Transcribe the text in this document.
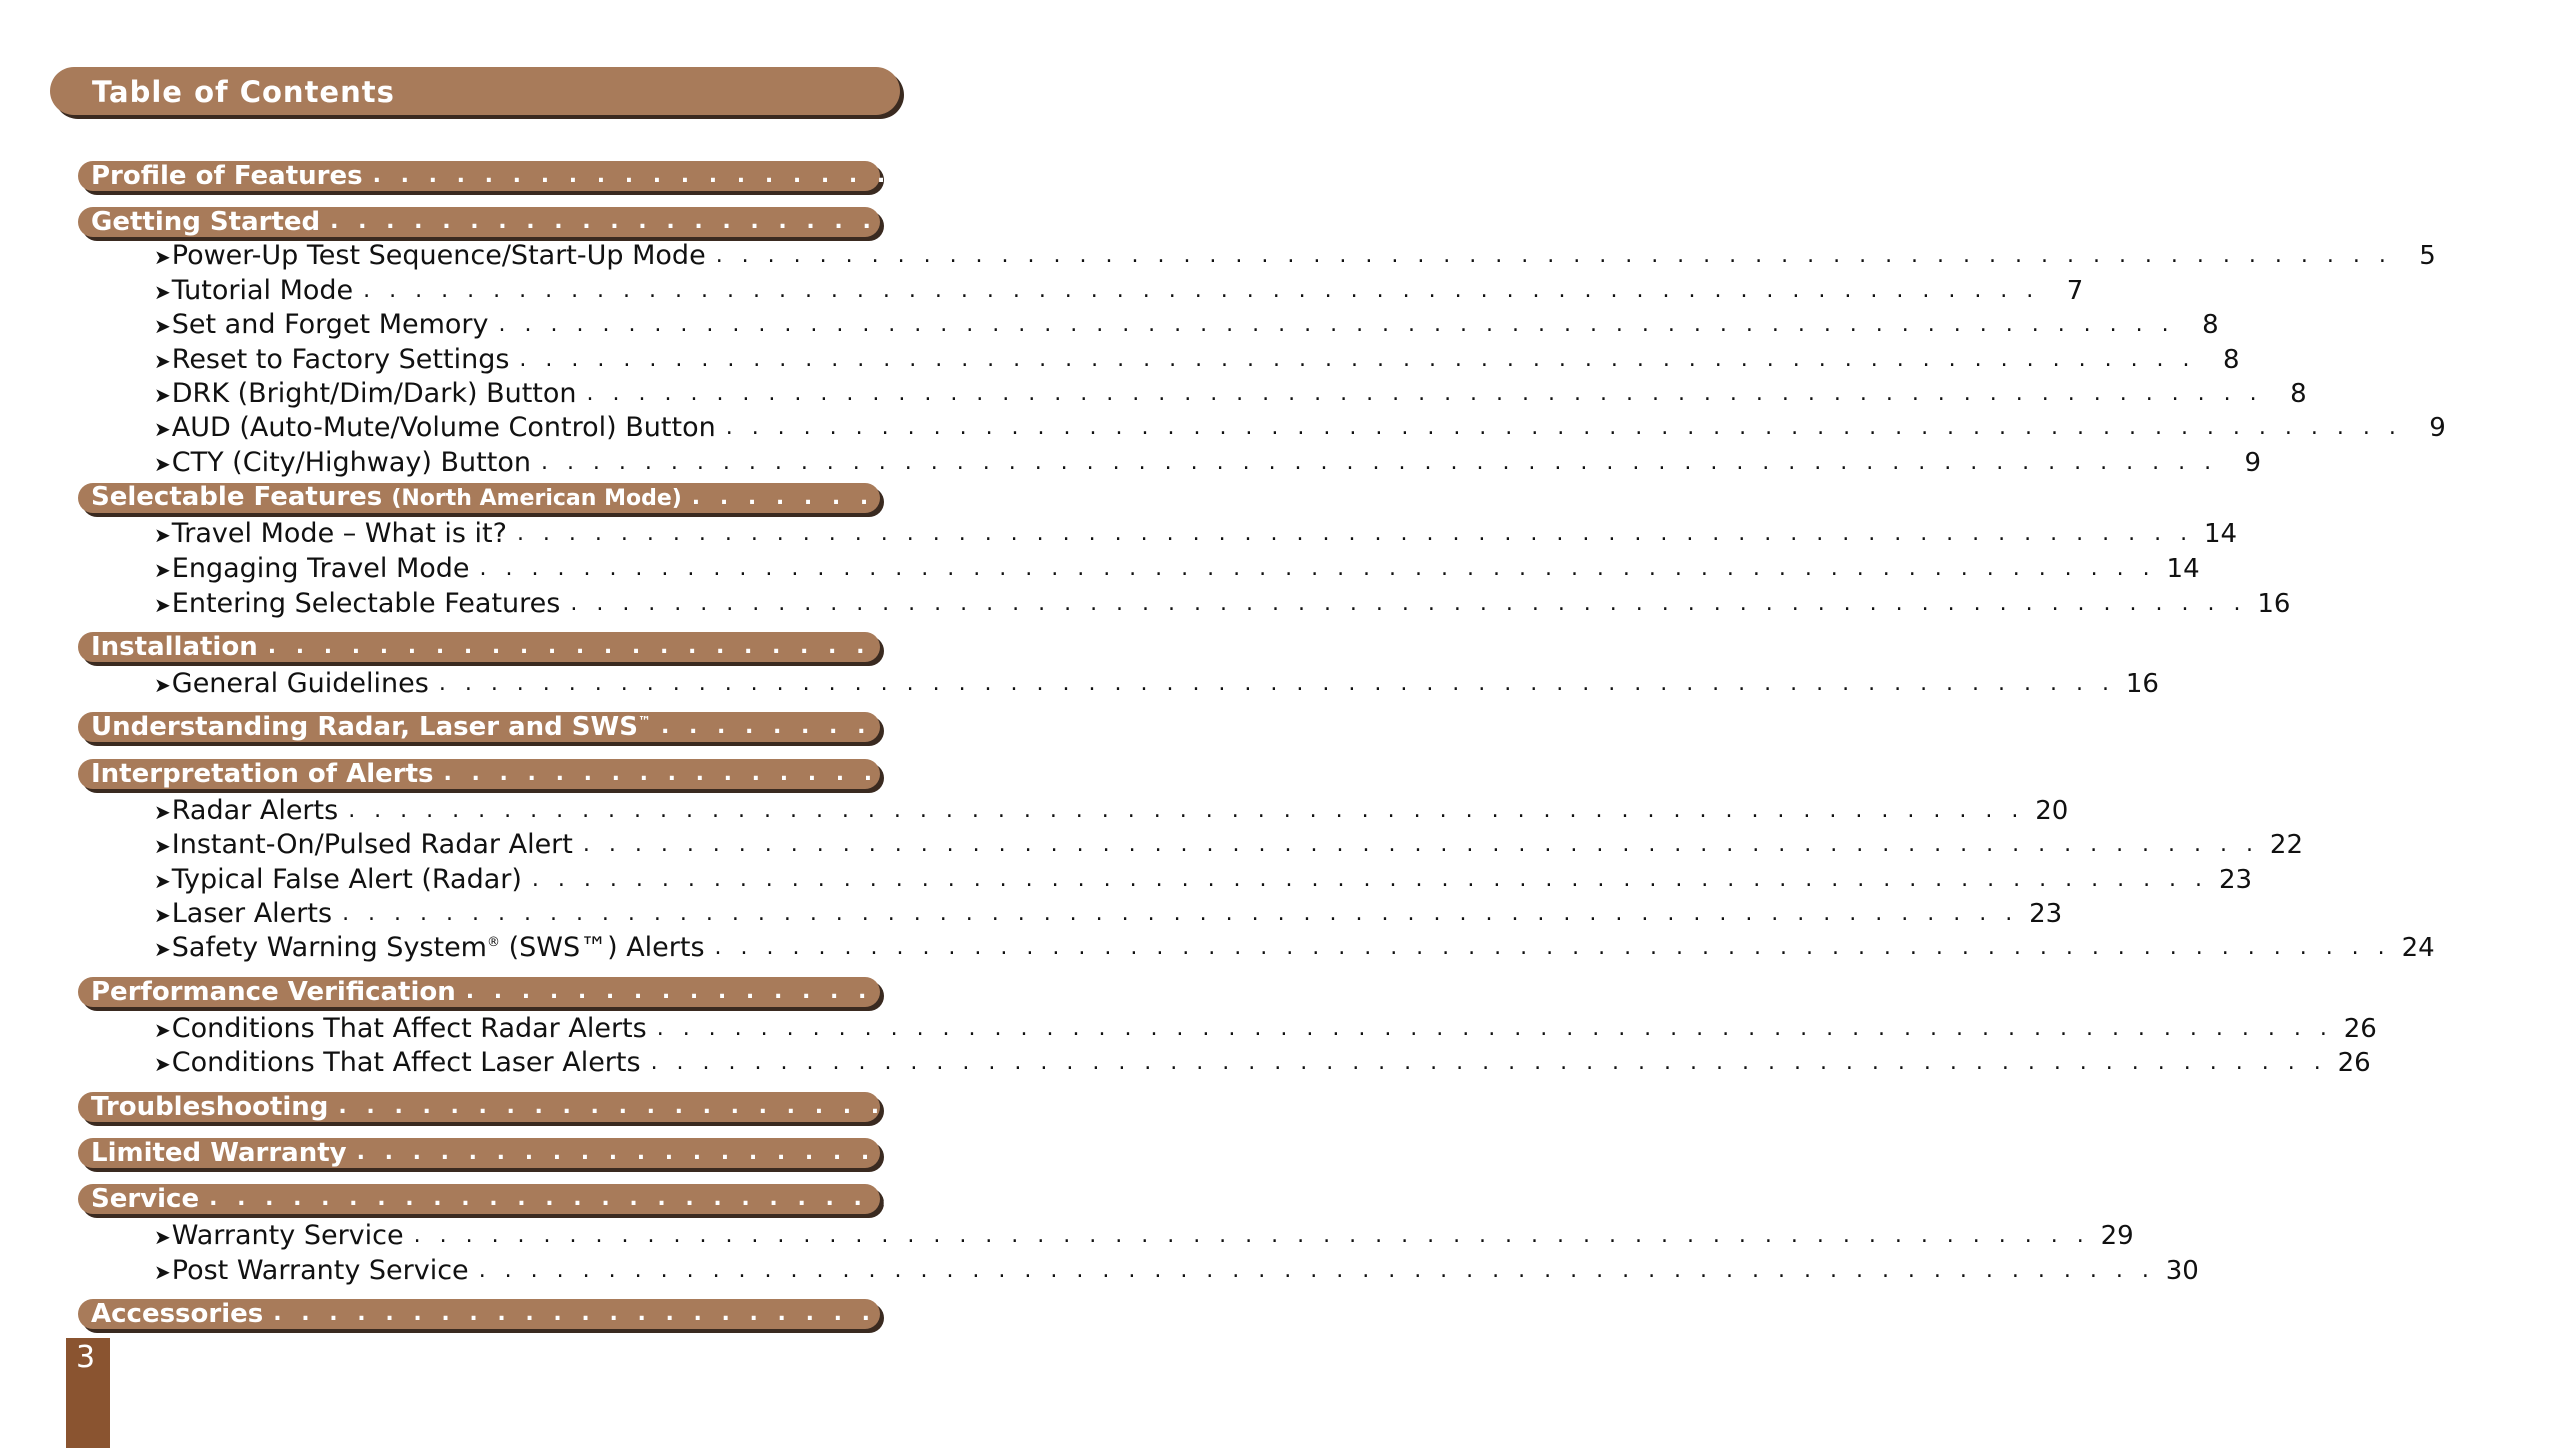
Table of Contents
Profile of Features . . . . . . . . . . . . . . . . . . . . . . . . . . . . . . . . . . . . . . . . . . . . . . . . . . . . . . . . . . . . . . . . . 4
Getting Started . . . . . . . . . . . . . . . . . . . . . . . . . . . . . . . . . . . . . . . . . . . . . . . . . . . . . . . . . . . . . . . . . 5
➤Power-Up Test Sequence/Start-Up Mode . . . . . . . . . . . . . . . . . . . . . . . . . . . . . . . . . . . . . . . . . . . . . . . . . . . . . . . . . . . . . . . . .	5
➤Tutorial Mode . . . . . . . . . . . . . . . . . . . . . . . . . . . . . . . . . . . . . . . . . . . . . . . . . . . . . . . . . . . . . . . . .	7
➤Set and Forget Memory . . . . . . . . . . . . . . . . . . . . . . . . . . . . . . . . . . . . . . . . . . . . . . . . . . . . . . . . . . . . . . . . .	8
➤Reset to Factory Settings . . . . . . . . . . . . . . . . . . . . . . . . . . . . . . . . . . . . . . . . . . . . . . . . . . . . . . . . . . . . . . . . .	8
➤DRK (Bright/Dim/Dark) Button . . . . . . . . . . . . . . . . . . . . . . . . . . . . . . . . . . . . . . . . . . . . . . . . . . . . . . . . . . . . . . . . .	8
➤AUD (Auto-Mute/Volume Control) Button . . . . . . . . . . . . . . . . . . . . . . . . . . . . . . . . . . . . . . . . . . . . . . . . . . . . . . . . . . . . . . . . .	9
➤CTY (City/Highway) Button . . . . . . . . . . . . . . . . . . . . . . . . . . . . . . . . . . . . . . . . . . . . . . . . . . . . . . . . . . . . . . . . .	9
Selectable Features (North American Mode) . . . . . . . . . . . . . . . . . . . . . . . . . . . . . . . . . . . . . . . . . . . . . . . . . . . . . . . . . . . . . . . . . 11
➤Travel Mode – What is it? . . . . . . . . . . . . . . . . . . . . . . . . . . . . . . . . . . . . . . . . . . . . . . . . . . . . . . . . . . . . . . . . . 14
➤Engaging Travel Mode . . . . . . . . . . . . . . . . . . . . . . . . . . . . . . . . . . . . . . . . . . . . . . . . . . . . . . . . . . . . . . . . . 14
➤Entering Selectable Features . . . . . . . . . . . . . . . . . . . . . . . . . . . . . . . . . . . . . . . . . . . . . . . . . . . . . . . . . . . . . . . . . 16
Installation . . . . . . . . . . . . . . . . . . . . . . . . . . . . . . . . . . . . . . . . . . . . . . . . . . . . . . . . . . . . . . . . . 16
➤General Guidelines . . . . . . . . . . . . . . . . . . . . . . . . . . . . . . . . . . . . . . . . . . . . . . . . . . . . . . . . . . . . . . . . . 16
Understanding Radar, Laser and SWS™ . . . . . . . . . . . . . . . . . . . . . . . . . . . . . . . . . . . . . . . . . . . . . . . . . . . . . . . . . . . . . . . . . 19
Interpretation of Alerts . . . . . . . . . . . . . . . . . . . . . . . . . . . . . . . . . . . . . . . . . . . . . . . . . . . . . . . . . . . . . . . . . 20
➤Radar Alerts . . . . . . . . . . . . . . . . . . . . . . . . . . . . . . . . . . . . . . . . . . . . . . . . . . . . . . . . . . . . . . . . . 20
➤Instant-On/Pulsed Radar Alert . . . . . . . . . . . . . . . . . . . . . . . . . . . . . . . . . . . . . . . . . . . . . . . . . . . . . . . . . . . . . . . . . 22
➤Typical False Alert (Radar) . . . . . . . . . . . . . . . . . . . . . . . . . . . . . . . . . . . . . . . . . . . . . . . . . . . . . . . . . . . . . . . . . 23
➤Laser Alerts . . . . . . . . . . . . . . . . . . . . . . . . . . . . . . . . . . . . . . . . . . . . . . . . . . . . . . . . . . . . . . . . . 23
➤Safety Warning System® (SWS™) Alerts . . . . . . . . . . . . . . . . . . . . . . . . . . . . . . . . . . . . . . . . . . . . . . . . . . . . . . . . . . . . . . . . . 24
Performance Verification . . . . . . . . . . . . . . . . . . . . . . . . . . . . . . . . . . . . . . . . . . . . . . . . . . . . . . . . . . . . . . . . . 26
➤Conditions That Affect Radar Alerts . . . . . . . . . . . . . . . . . . . . . . . . . . . . . . . . . . . . . . . . . . . . . . . . . . . . . . . . . . . . . . . . . 26
➤Conditions That Affect Laser Alerts . . . . . . . . . . . . . . . . . . . . . . . . . . . . . . . . . . . . . . . . . . . . . . . . . . . . . . . . . . . . . . . . . 26
Troubleshooting . . . . . . . . . . . . . . . . . . . . . . . . . . . . . . . . . . . . . . . . . . . . . . . . . . . . . . . . . . . . . . . . . 27
Limited Warranty . . . . . . . . . . . . . . . . . . . . . . . . . . . . . . . . . . . . . . . . . . . . . . . . . . . . . . . . . . . . . . . . . 28
Service . . . . . . . . . . . . . . . . . . . . . . . . . . . . . . . . . . . . . . . . . . . . . . . . . . . . . . . . . . . . . . . . . 29
➤Warranty Service . . . . . . . . . . . . . . . . . . . . . . . . . . . . . . . . . . . . . . . . . . . . . . . . . . . . . . . . . . . . . . . . . 29
➤Post Warranty Service . . . . . . . . . . . . . . . . . . . . . . . . . . . . . . . . . . . . . . . . . . . . . . . . . . . . . . . . . . . . . . . . . 30
Accessories . . . . . . . . . . . . . . . . . . . . . . . . . . . . . . . . . . . . . . . . . . . . . . . . . . . . . . . . . . . . . . . . . 30
3
